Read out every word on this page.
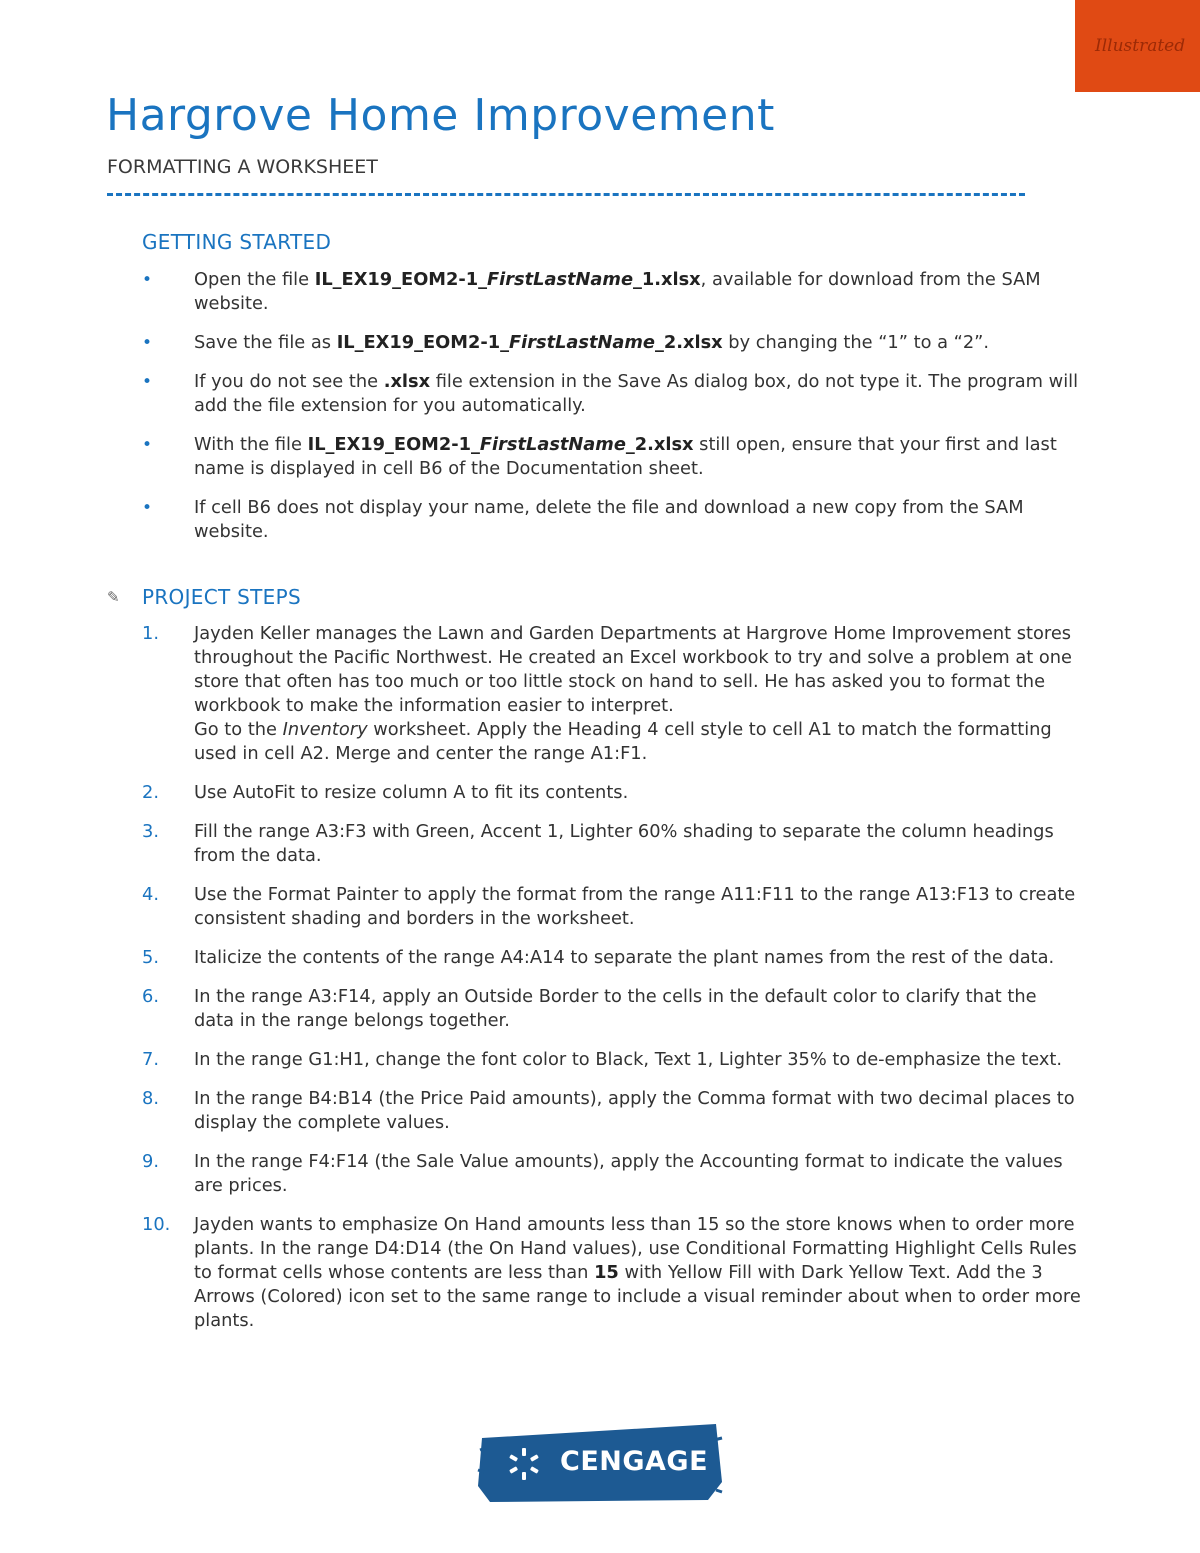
Illustrated
Hargrove Home Improvement
FORMATTING A WORKSHEET
GETTING STARTED
• Open the file IL_EX19_EOM2-1_FirstLastName_1.xlsx, available for download from the SAM website.
• Save the file as IL_EX19_EOM2-1_FirstLastName_2.xlsx by changing the “1” to a “2”.
• If you do not see the .xlsx file extension in the Save As dialog box, do not type it. The program will add the file extension for you automatically.
• With the file IL_EX19_EOM2-1_FirstLastName_2.xlsx still open, ensure that your first and last name is displayed in cell B6 of the Documentation sheet.
• If cell B6 does not display your name, delete the file and download a new copy from the SAM website.
✎ PROJECT STEPS
1. Jayden Keller manages the Lawn and Garden Departments at Hargrove Home Improvement stores throughout the Pacific Northwest. He created an Excel workbook to try and solve a problem at one store that often has too much or too little stock on hand to sell. He has asked you to format the workbook to make the information easier to interpret.
Go to the Inventory worksheet. Apply the Heading 4 cell style to cell A1 to match the formatting used in cell A2. Merge and center the range A1:F1.
2. Use AutoFit to resize column A to fit its contents.
3. Fill the range A3:F3 with Green, Accent 1, Lighter 60% shading to separate the column headings from the data.
4. Use the Format Painter to apply the format from the range A11:F11 to the range A13:F13 to create consistent shading and borders in the worksheet.
5. Italicize the contents of the range A4:A14 to separate the plant names from the rest of the data.
6. In the range A3:F14, apply an Outside Border to the cells in the default color to clarify that the data in the range belongs together.
7. In the range G1:H1, change the font color to Black, Text 1, Lighter 35% to de-emphasize the text.
8. In the range B4:B14 (the Price Paid amounts), apply the Comma format with two decimal places to display the complete values.
9. In the range F4:F14 (the Sale Value amounts), apply the Accounting format to indicate the values are prices.
10. Jayden wants to emphasize On Hand amounts less than 15 so the store knows when to order more plants. In the range D4:D14 (the On Hand values), use Conditional Formatting Highlight Cells Rules to format cells whose contents are less than 15 with Yellow Fill with Dark Yellow Text. Add the 3 Arrows (Colored) icon set to the same range to include a visual reminder about when to order more plants.
CENGAGE
